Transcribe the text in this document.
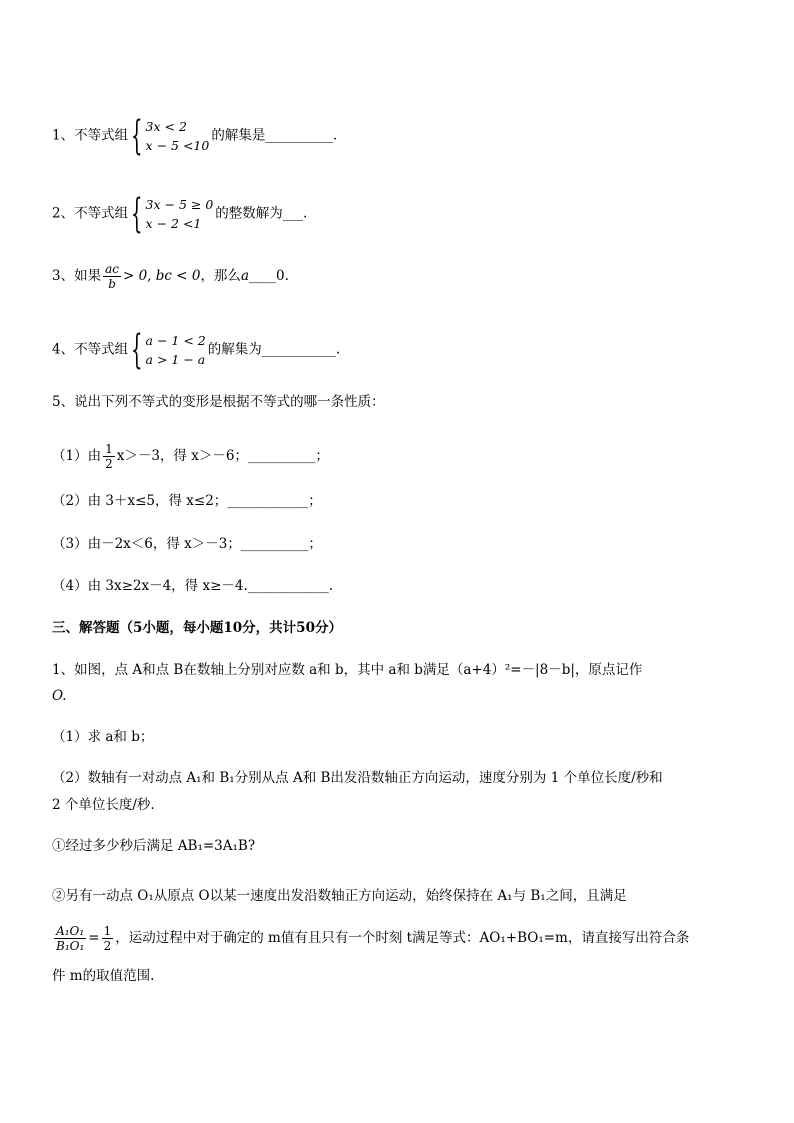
1、不等式组 { 3x < 2
x − 5 <10
的解集是__________.
2、不等式组 { 3x − 5 ≥ 0
x − 2 <1
的整数解为___.
3、如果 $\frac{ac}{b} > 0$, bc < 0，那么a____0.
4、不等式组 { a − 1 < 2
a > 1 − a
的解集为___________.
5、说出下列不等式的变形是根据不等式的哪一条性质：
（1）由 $\frac{1}{2} x>-3$，得 x＞－6；__________；
（2）由 3＋x≤5，得 x≤2；____________；
（3）由－2x＜6，得 x＞－3；__________；
（4）由 3x≥2x－4，得 x≥－4.____________.
三、解答题（5小题，每小题10分，共计50分）
1、如图，点 A和点 B在数轴上分别对应数 a和 b，其中 a和 b满足（a+4）²=－|8－b|，原点记作
O.
（1）求 a和 b；
（2）数轴有一对动点 A₁和 B₁分别从点 A和 B出发沿数轴正方向运动，速度分别为 1 个单位长度/秒和
2 个单位长度/秒.
①经过多少秒后满足 AB₁=3A₁B?
②另有一动点 O₁从原点 O以某一速度出发沿数轴正方向运动，始终保持在 A₁与 B₁之间，且满足
$\frac{\text{A₁O₁}}{\text{B₁O₁}} = \frac{1}{2}$ ，运动过程中对于确定的 m值有且只有一个时刻 t满足等式：AO₁+BO₁=m，请直接写出符合条
件 m的取值范围.
